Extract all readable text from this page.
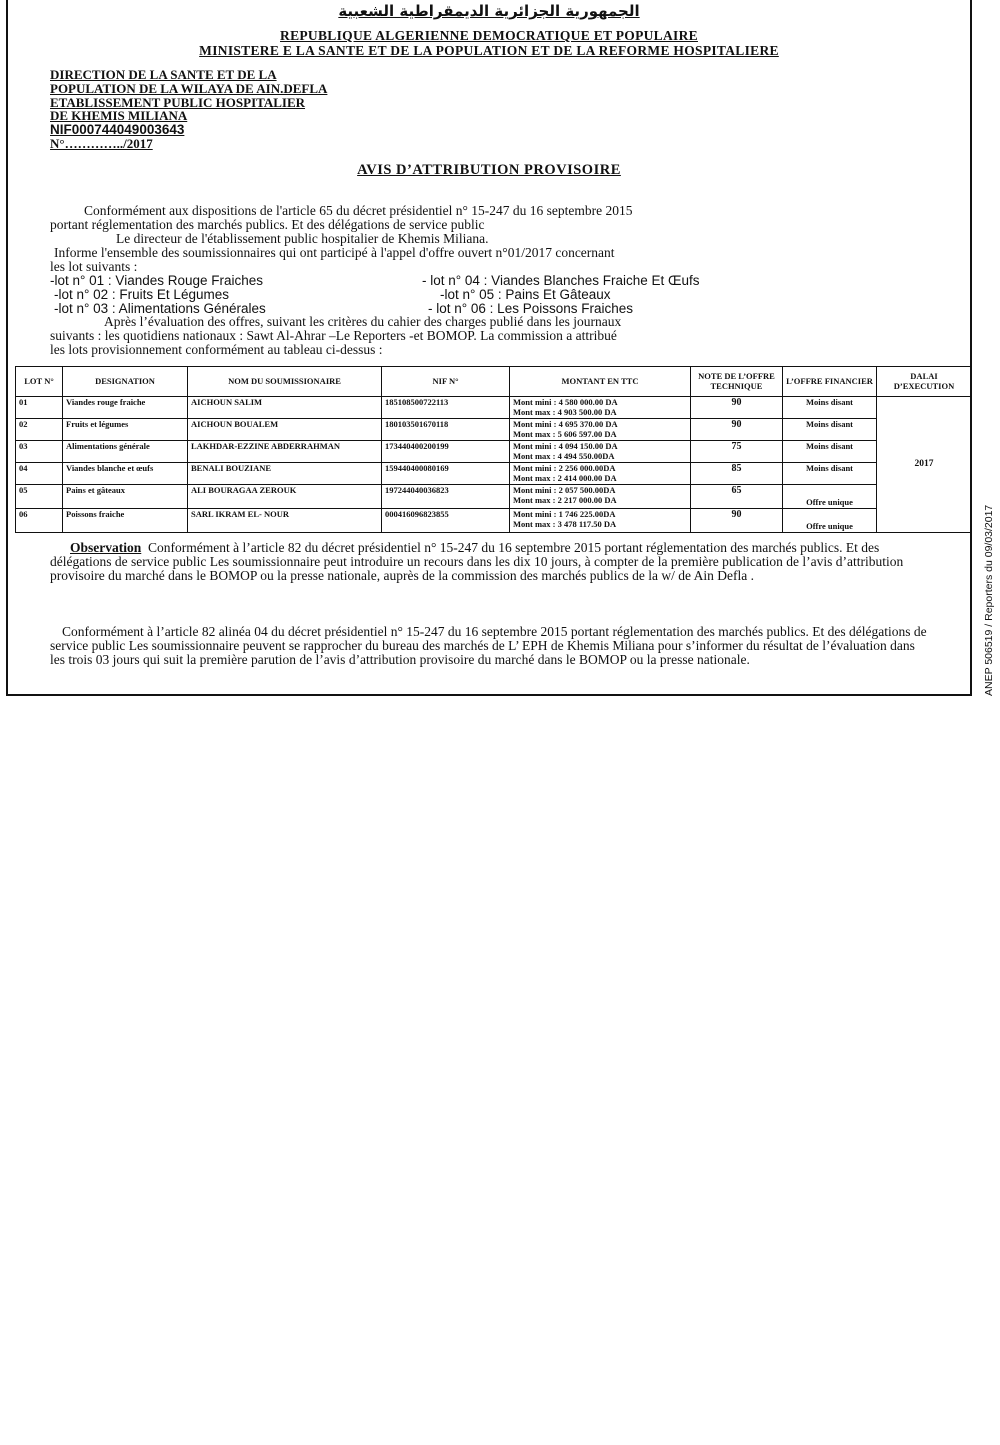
الجمهورية الجزائرية الديمقراطية الشعبية
REPUBLIQUE ALGERIENNE DEMOCRATIQUE ET POPULAIRE
MINISTERE E LA SANTE ET DE LA POPULATION ET DE LA REFORME HOSPITALIERE
DIRECTION DE LA SANTE ET DE LA
POPULATION DE LA WILAYA DE AIN.DEFLA
ETABLISSEMENT PUBLIC HOSPITALIER
DE KHEMIS MILIANA
NIF00074404900364​3
N°…………../2017
AVIS D’ATTRIBUTION PROVISOIRE
Conformément aux dispositions de l'article 65 du décret présidentiel n° 15-247 du 16 septembre 2015
portant réglementation des marchés publics. Et des délégations de service public
Le directeur de l'établissement public hospitalier de Khemis Miliana.
Informe l'ensemble des soumissionnaires qui ont participé à l'appel d'offre ouvert n°01/2017 concernant
les lot suivants :
-lot n° 01 : Viandes Rouge Fraiches	- lot n° 04 : Viandes Blanches Fraiche Et Œufs
-lot n° 02 : Fruits Et Légumes	-lot n° 05 : Pains Et Gâteaux
-lot n° 03 : Alimentations Générales	- lot n° 06 : Les Poissons Fraiches
Après l’évaluation des offres, suivant les critères du cahier des charges publié dans les journaux
suivants : les quotidiens nationaux : Sawt Al-Ahrar –Le Reporters -et BOMOP. La commission a attribué
les lots provisionnement conformément au tableau ci-dessus :
LOT N°	DESIGNATION	NOM DU SOUMISSIONAIRE	NIF N°	MONTANT EN TTC	NOTE DE L’OFFRE TECHNIQUE	L’OFFRE FINANCIER	DALAI D’EXECUTION
01	Viandes rouge fraiche	AICHOUN SALIM	185108500722113	Mont mini : 4 580 000.00 DA
Mont max : 4 903 500.00 DA	90	Moins disant	2017
02	Fruits et légumes	AICHOUN BOUALEM	180103501670118	Mont mini : 4 695 370.00 DA
Mont max : 5 606 597.00 DA	90	Moins disant	
03	Alimentations générale	LAKHDAR-EZZINE ABDERRAHMAN	173440400200199	Mont mini : 4 094 150.00 DA
Mont max : 4 494 550.00DA	75	Moins disant	
04	Viandes blanche et œufs	BENALI BOUZIANE	159440400080169	Mont mini : 2 256 000.00DA
Mont max : 2 414 000.00 DA	85	Moins disant	
05	Pains et gâteaux	ALI BOURAGAA ZEROUK	197244040036823	Mont mini : 2 057 500.00DA
Mont max : 2 217 000.00 DA	65	Offre unique	
06	Poissons fraiche	SARL IKRAM EL- NOUR	000416096823855	Mont mini : 1 746 225.00DA
Mont max : 3 478 117.50 DA	90	Offre unique	
Observation Conformément à l’article 82 du décret présidentiel n° 15-247 du 16 septembre 2015 portant réglementation des marchés publics. Et des délégations de service public Les soumissionnaire peut introduire un recours dans les dix 10 jours, à compter de la première publication de l’avis d’attribution provisoire du marché dans le BOMOP ou la presse nationale, auprès de la commission des marchés publics de la w/ de Ain Defla .
Conformément à l’article 82 alinéa 04 du décret présidentiel n° 15-247 du 16 septembre 2015 portant réglementation des marchés publics. Et des délégations de service public Les soumissionnaire peuvent se rapprocher du bureau des marchés de L’ EPH de Khemis Miliana pour s’informer du résultat de l’évaluation dans les trois 03 jours qui suit la première parution de l’avis d’attribution provisoire du marché dans le BOMOP ou la presse nationale.	ANEP 506519 / Reporters du 09/03/2017
